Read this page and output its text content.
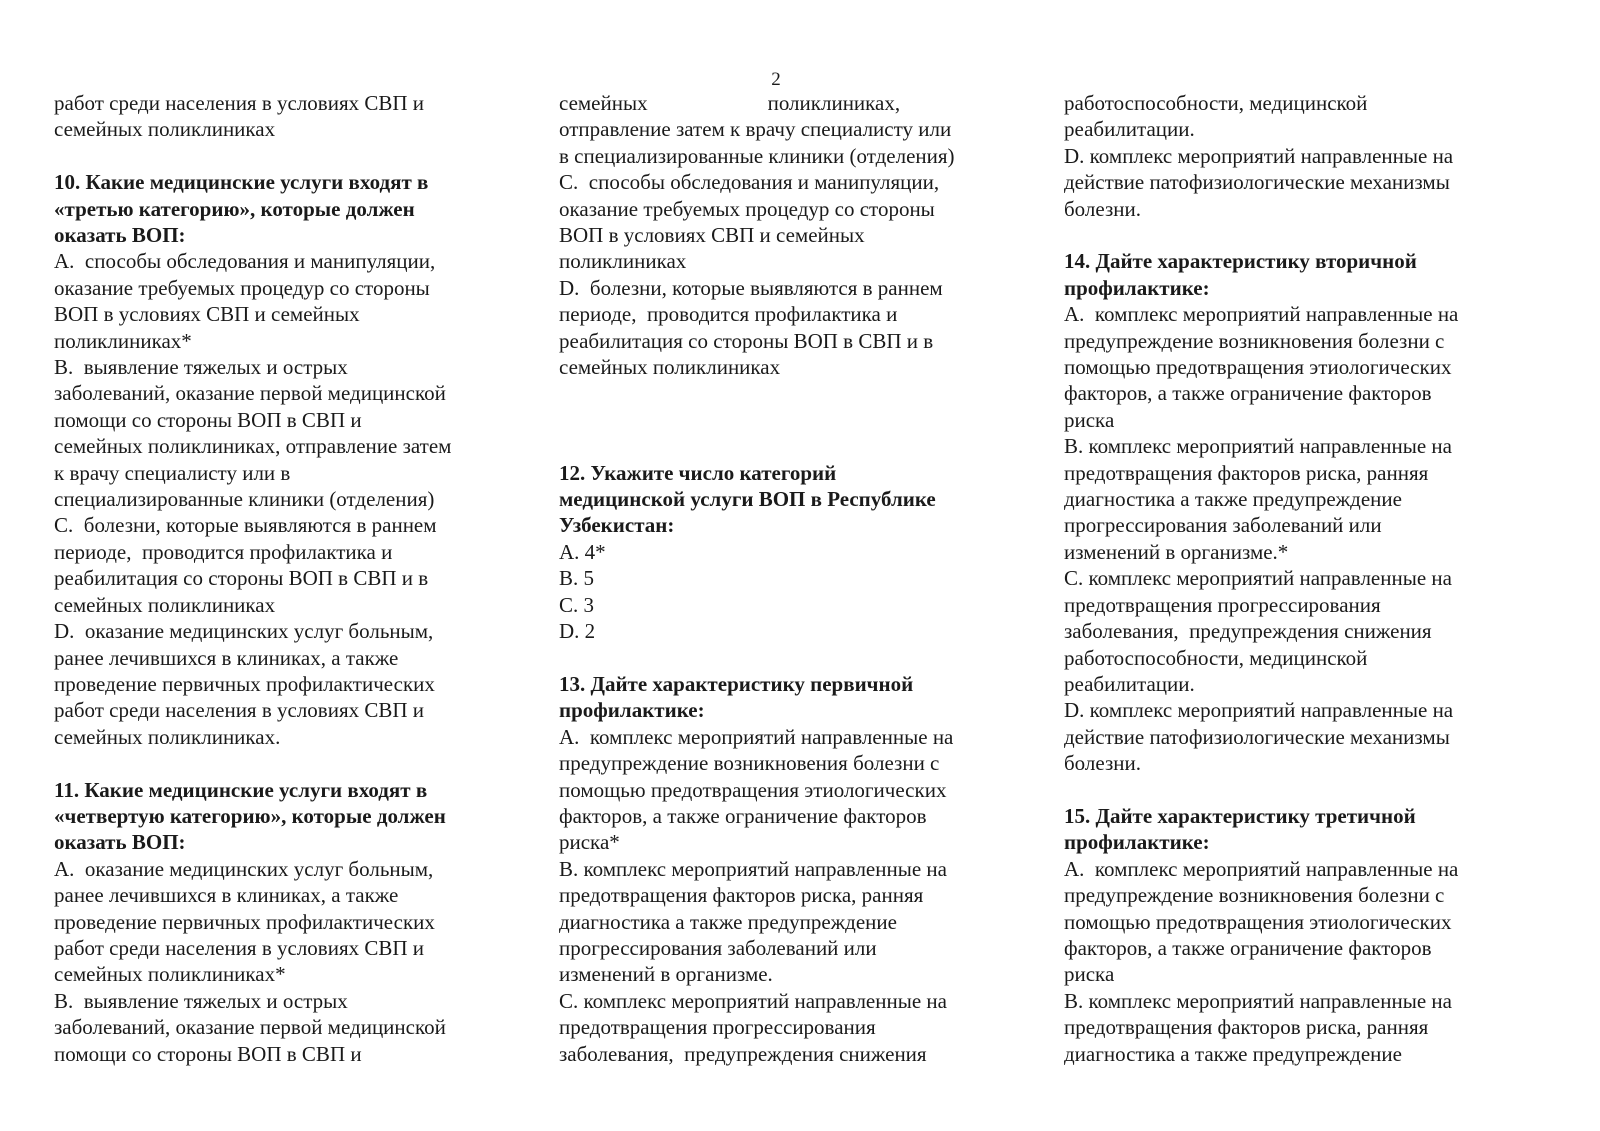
2
работ среди населения в условиях СВП и
семейных поликлиниках
10. Какие медицинские услуги входят в
«третью категорию», которые должен
оказать ВОП:
A.  способы обследования и манипуляции,
оказание требуемых процедур со стороны
ВОП в условиях СВП и семейных
поликлиниках*
B.  выявление тяжелых и острых
заболеваний, оказание первой медицинской
помощи со стороны ВОП в СВП и
семейных поликлиниках, отправление затем
к врачу специалисту или в
специализированные клиники (отделения)
C.  болезни, которые выявляются в раннем
периоде,  проводится профилактика и
реабилитация со стороны ВОП в СВП и в
семейных поликлиниках
D.  оказание медицинских услуг больным,
ранее лечившихся в клиниках, а также
проведение первичных профилактических
работ среди населения в условиях СВП и
семейных поликлиниках.
11. Какие медицинские услуги входят в
«четвертую категорию», которые должен
оказать ВОП:
A.  оказание медицинских услуг больным,
ранее лечившихся в клиниках, а также
проведение первичных профилактических
работ среди населения в условиях СВП и
семейных поликлиниках*
B.  выявление тяжелых и острых
заболеваний, оказание первой медицинской
помощи со стороны ВОП в СВП и
семейных	поликлиниках,
отправление затем к врачу специалисту или
в специализированные клиники (отделения)
C.  способы обследования и манипуляции,
оказание требуемых процедур со стороны
ВОП в условиях СВП и семейных
поликлиниках
D.  болезни, которые выявляются в раннем
периоде,  проводится профилактика и
реабилитация со стороны ВОП в СВП и в
семейных поликлиниках
12. Укажите число категорий
медицинской услуги ВОП в Республике
Узбекистан:
A. 4*
B. 5
C. 3
D. 2
13. Дайте характеристику первичной
профилактике:
A.  комплекс мероприятий направленные на
предупреждение возникновения болезни с
помощью предотвращения этиологических
факторов, а также ограничение факторов
риска*
B. комплекс мероприятий направленные на
предотвращения факторов риска, ранняя
диагностика а также предупреждение
прогрессирования заболеваний или
изменений в организме.
C. комплекс мероприятий направленные на
предотвращения прогрессирования
заболевания,  предупреждения снижения
работоспособности, медицинской
реабилитации.
D. комплекс мероприятий направленные на
действие патофизиологические механизмы
болезни.
14. Дайте характеристику вторичной
профилактике:
A.  комплекс мероприятий направленные на
предупреждение возникновения болезни с
помощью предотвращения этиологических
факторов, а также ограничение факторов
риска
B. комплекс мероприятий направленные на
предотвращения факторов риска, ранняя
диагностика а также предупреждение
прогрессирования заболеваний или
изменений в организме.*
C. комплекс мероприятий направленные на
предотвращения прогрессирования
заболевания,  предупреждения снижения
работоспособности, медицинской
реабилитации.
D. комплекс мероприятий направленные на
действие патофизиологические механизмы
болезни.
15. Дайте характеристику третичной
профилактике:
A.  комплекс мероприятий направленные на
предупреждение возникновения болезни с
помощью предотвращения этиологических
факторов, а также ограничение факторов
риска
B. комплекс мероприятий направленные на
предотвращения факторов риска, ранняя
диагностика а также предупреждение
